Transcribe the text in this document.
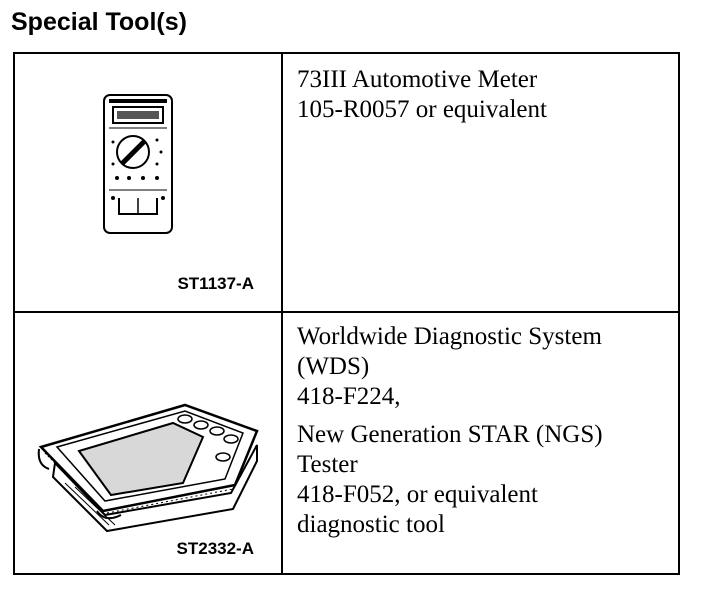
Special Tool(s)
ST1137-A
73III Automotive Meter
105-R0057 or equivalent
ST2332-A
Worldwide Diagnostic System
(WDS)
418-F224,
New Generation STAR (NGS)
Tester
418-F052, or equivalent
diagnostic tool
